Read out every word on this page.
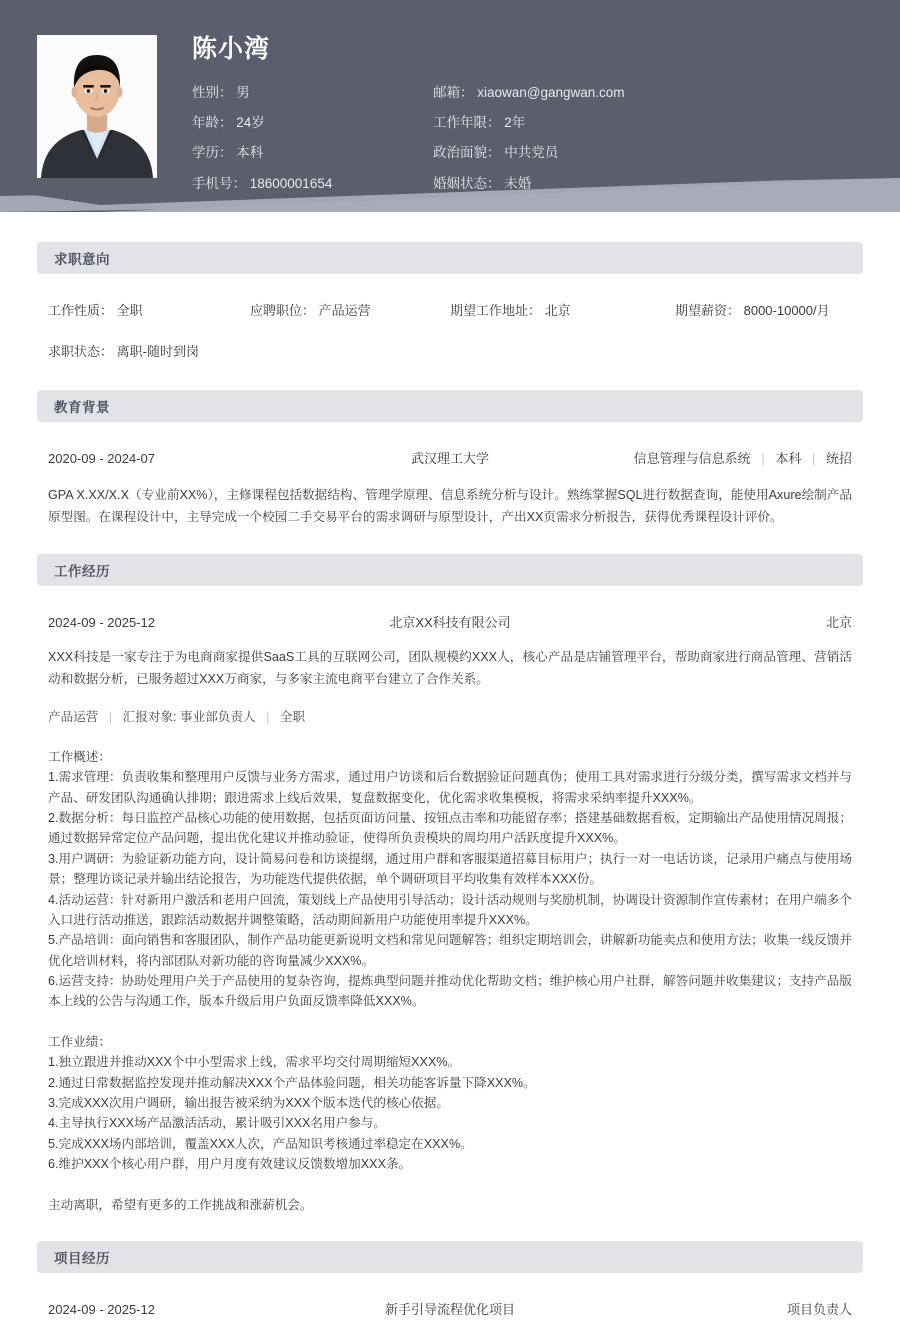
陈小湾
性别： 男	邮箱： xiaowan@gangwan.com
年龄： 24岁	工作年限： 2年
学历： 本科	政治面貌： 中共党员
手机号： 18600001654	婚姻状态： 未婚
求职意向
工作性质： 全职	应聘职位： 产品运营	期望工作地址： 北京	期望薪资： 8000-10000/月
求职状态： 离职-随时到岗
教育背景
2020-09 - 2024-07	武汉理工大学	信息管理与信息系统 | 本科 | 统招
GPA X.XX/X.X（专业前XX%），主修课程包括数据结构、管理学原理、信息系统分析与设计。熟练掌握SQL进行数据查询，能使用Axure绘制产品原型图。在课程设计中，主导完成一个校园二手交易平台的需求调研与原型设计，产出XX页需求分析报告，获得优秀课程设计评价。
工作经历
2024-09 - 2025-12	北京XX科技有限公司	北京
XXX科技是一家专注于为电商商家提供SaaS工具的互联网公司，团队规模约XXX人，核心产品是店铺管理平台，帮助商家进行商品管理、营销活动和数据分析，已服务超过XXX万商家，与多家主流电商平台建立了合作关系。
产品运营 | 汇报对象: 事业部负责人 | 全职
工作概述：
1.需求管理：负责收集和整理用户反馈与业务方需求，通过用户访谈和后台数据验证问题真伪；使用工具对需求进行分级分类，撰写需求文档并与产品、研发团队沟通确认排期；跟进需求上线后效果，复盘数据变化，优化需求收集模板，将需求采纳率提升XXX%。
2.数据分析：每日监控产品核心功能的使用数据，包括页面访问量、按钮点击率和功能留存率；搭建基础数据看板，定期输出产品使用情况周报；通过数据异常定位产品问题，提出优化建议并推动验证，使得所负责模块的周均用户活跃度提升XXX%。
3.用户调研：为验证新功能方向，设计简易问卷和访谈提纲，通过用户群和客服渠道招募目标用户；执行一对一电话访谈，记录用户痛点与使用场景；整理访谈记录并输出结论报告，为功能迭代提供依据，单个调研项目平均收集有效样本XXX份。
4.活动运营：针对新用户激活和老用户回流，策划线上产品使用引导活动；设计活动规则与奖励机制，协调设计资源制作宣传素材；在用户端多个入口进行活动推送，跟踪活动数据并调整策略，活动期间新用户功能使用率提升XXX%。
5.产品培训：面向销售和客服团队，制作产品功能更新说明文档和常见问题解答；组织定期培训会，讲解新功能卖点和使用方法；收集一线反馈并优化培训材料，将内部团队对新功能的咨询量减少XXX%。
6.运营支持：协助处理用户关于产品使用的复杂咨询，提炼典型问题并推动优化帮助文档；维护核心用户社群，解答问题并收集建议；支持产品版本上线的公告与沟通工作，版本升级后用户负面反馈率降低XXX%。
工作业绩：
1.独立跟进并推动XXX个中小型需求上线，需求平均交付周期缩短XXX%。
2.通过日常数据监控发现并推动解决XXX个产品体验问题，相关功能客诉量下降XXX%。
3.完成XXX次用户调研，输出报告被采纳为XXX个版本迭代的核心依据。
4.主导执行XXX场产品激活活动，累计吸引XXX名用户参与。
5.完成XXX场内部培训，覆盖XXX人次，产品知识考核通过率稳定在XXX%。
6.维护XXX个核心用户群，用户月度有效建议反馈数增加XXX条。
主动离职，希望有更多的工作挑战和涨薪机会。
项目经历
2024-09 - 2025-12	新手引导流程优化项目	项目负责人
